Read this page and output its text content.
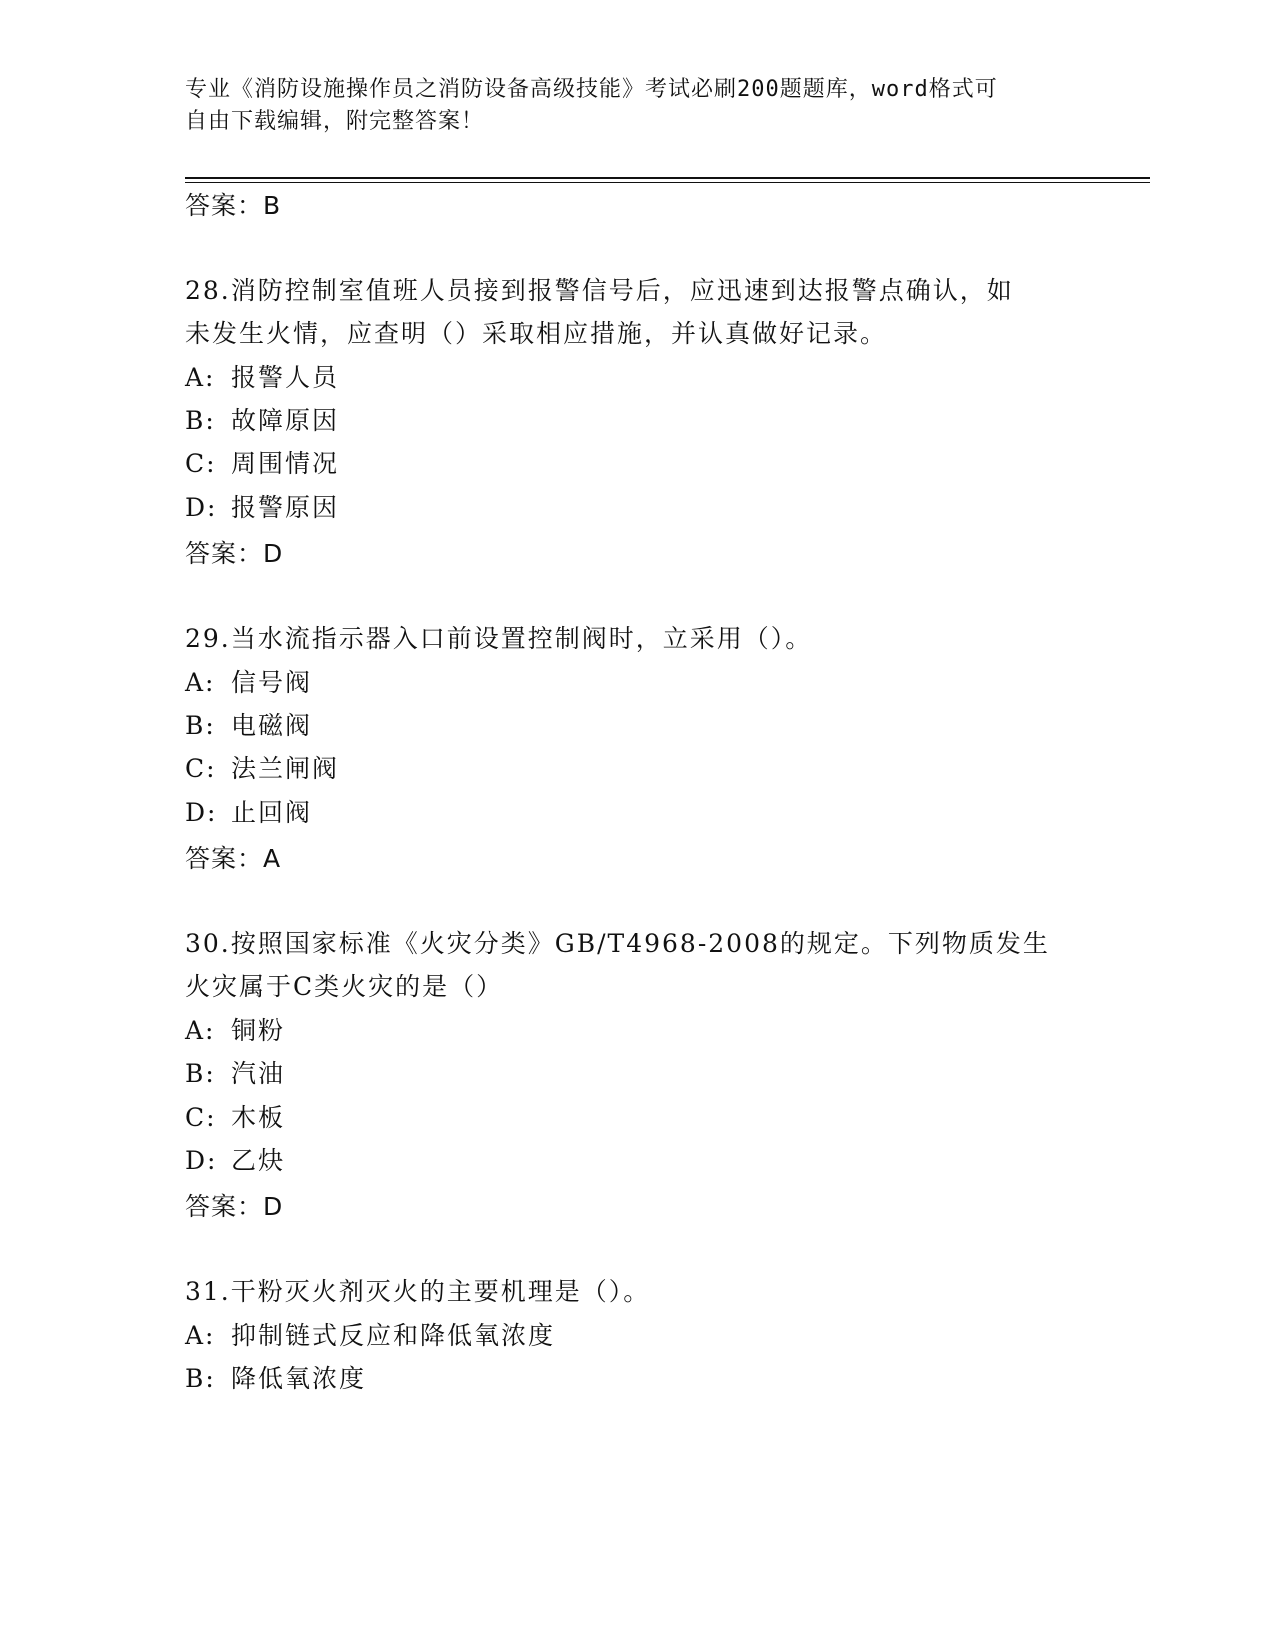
专业《消防设施操作员之消防设备高级技能》考试必刷200题题库，word格式可
自由下载编辑，附完整答案！
答案：B
28.消防控制室值班人员接到报警信号后，应迅速到达报警点确认，如
未发生火情，应查明（）采取相应措施，并认真做好记录。
A: 报警人员
B: 故障原因
C: 周围情况
D: 报警原因
答案：D
29.当水流指示器入口前设置控制阀时，立采用（）。
A: 信号阀
B: 电磁阀
C: 法兰闸阀
D: 止回阀
答案：A
30.按照国家标准《火灾分类》GB/T4968-2008的规定。下列物质发生
火灾属于C类火灾的是（）
A: 铜粉
B: 汽油
C: 木板
D: 乙炔
答案：D
31.干粉灭火剂灭火的主要机理是（）。
A: 抑制链式反应和降低氧浓度
B: 降低氧浓度
